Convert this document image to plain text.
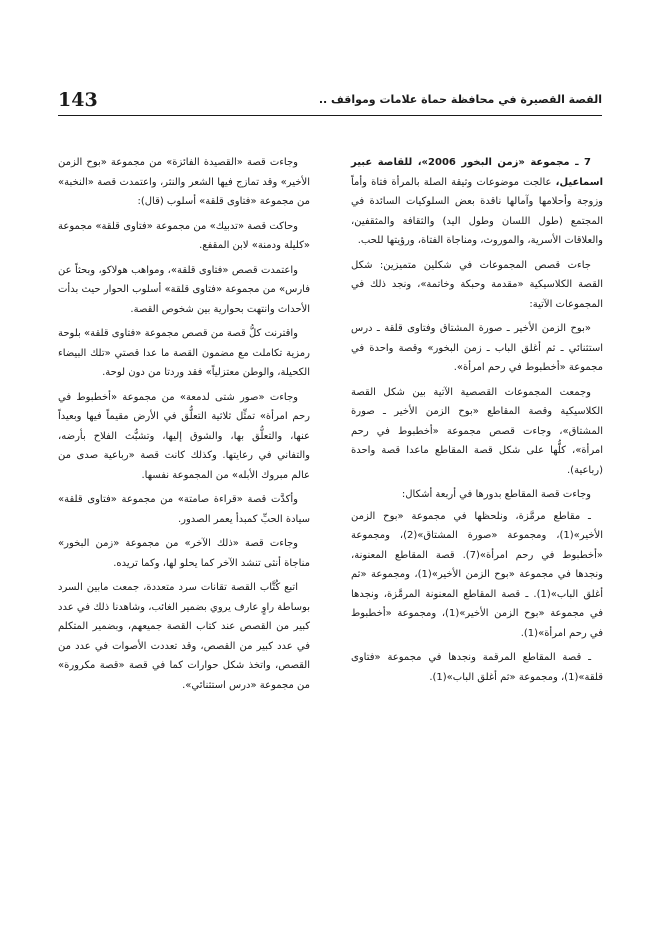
143	القصة القصيرة في محافظة حماة علامات ومواقف ..

7 ـ مجموعة «زمن البخور 2006»، للقاصة عبير اسماعيل، عالجت موضوعات وثيقة الصلة بالمرأة فتاة وأماً وزوجة وأحلامها وآمالها ناقدة بعض السلوكيات السائدة في المجتمع (طول اللسان وطول اليد) والثقافة والمثقفين، والعلاقات الأسرية، والموروث، ومناجاة الفتاة، ورؤيتها للحب.

جاءت قصص المجموعات في شكلين متميزين: شكل القصة الكلاسيكية «مقدمة وحبكة وخاتمة»، ونجد ذلك في المجموعات الآتية:

«بوح الزمن الأخير ـ صورة المشتاق وفتاوى قلقة ـ درس استثنائي ـ ثم أغلق الباب ـ زمن البخور» وقصة واحدة في مجموعة «أخطبوط في رحم امرأة».

وجمعت المجموعات القصصية الآتية بين شكل القصة الكلاسيكية وقصة المقاطع «بوح الزمن الأخير ـ صورة المشتاق»، وجاءت قصص مجموعة «أخطبوط في رحم امرأة»، كلُّها على شكل قصة المقاطع ماعدا قصة واحدة (رباعية).

وجاءت قصة المقاطع بدورها في أربعة أشكال:

ـ مقاطع مرمَّزة، ونلحظها في مجموعة «بوح الزمن الأخير»(1)، ومجموعة «صورة المشتاق»(2)، ومجموعة «أخطبوط في رحم امرأة»(7). قصة المقاطع المعنونة، ونجدها في مجموعة «بوح الزمن الأخير»(1)، ومجموعة «ثم أغلق الباب»(1). ـ قصة المقاطع المعنونة المرمَّزة، ونجدها في مجموعة «بوح الزمن الأخير»(1)، ومجموعة «أخطبوط في رحم امرأة»(1).

ـ قصة المقاطع المرقمة ونجدها في مجموعة «فتاوى قلقة»(1)، ومجموعة «ثم أغلق الباب»(1).

وجاءت قصة «القصيدة الفائزة» من مجموعة «بوح الزمن الأخير» وقد تمازج فيها الشعر والنثر، واعتمدت قصة «النخبة» من مجموعة «فتاوى قلقة» أسلوب (قال):

وحاكت قصة «تدبيك» من مجموعة «فتاوى قلقة» مجموعة «كليلة ودمنة» لابن المقفع.

واعتمدت قصص «فتاوى قلقة»، ومواهب هولاكو، وبحثاً عن فارس» من مجموعة «فتاوى قلقة» أسلوب الحوار حيث بدأت الأحداث وانتهت بحوارية بين شخوص القصة.

واقترنت كلُّ قصة من قصص مجموعة «فتاوى قلقة» بلوحة رمزية تكاملت مع مضمون القصة ما عدا قصتي «تلك البيضاء الكحيلة، والوطن معتزلياً» فقد وردتا من دون لوحة.

وجاءت «صور شتى لدمعة» من مجموعة «أخطبوط في رحم امرأة» تمثِّل ثلاثية التعلُّق في الأرض مقيماً فيها وبعيداً عنها، والتعلُّق بها، والشوق إليها، وتشبُّث الفلاح بأرضه، والتفاني في رعايتها. وكذلك كانت قصة «رباعية صدى من عالم مبروك الأبله» من المجموعة نفسها.

وأكدَّت قصة «قراءة صامتة» من مجموعة «فتاوى قلقة» سيادة الحبِّ كمبدأ يعمر الصدور.

وجاءت قصة «ذلك الآخر» من مجموعة «زمن البخور» مناجاة أنثى تنشد الآخر كما يحلو لها، وكما تريده.

اتبع كُتَّاب القصة تقانات سرد متعددة، جمعت مابين السرد بوساطة راوٍ عارف يروي بضمير الغائب، وشاهدنا ذلك في عدد كبير من القصص عند كتاب القصة جميعهم، وبضمير المتكلم في عدد كبير من القصص، وقد تعددت الأصوات في عدد من القصص، واتخذ شكل حوارات كما في قصة «قصة مكرورة» من مجموعة «درس استثنائي».
